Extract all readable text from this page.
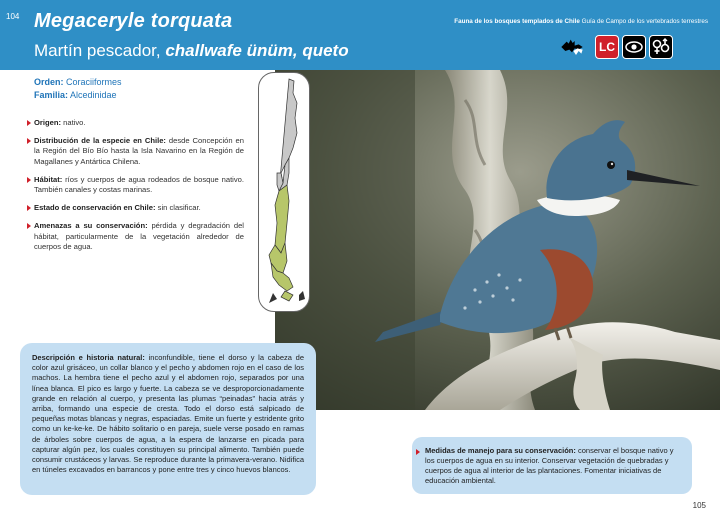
104 Megaceryle torquata
Martín pescador, challwafe ünüm, queto
Fauna de los bosques templados de Chile Guía de Campo de los vertebrados terrestres
LC
Orden: Coraciiformes
Familia: Alcedinidae
Origen: nativo.
Distribución de la especie en Chile: desde Concepción en la Región del Bío Bío hasta la Isla Navarino en la Región de Magallanes y Antártica Chilena.
Hábitat: ríos y cuerpos de agua rodeados de bosque nativo. También canales y costas marinas.
Estado de conservación en Chile: sin clasificar.
Amenazas a su conservación: pérdida y degradación del hábitat, particularmente de la vegetación alrededor de cuerpos de agua.
Descripción e historia natural: inconfundible, tiene el dorso y la cabeza de color azul grisáceo, un collar blanco y el pecho y abdomen rojo en el caso de los machos. La hembra tiene el pecho azul y el abdomen rojo, separados por una línea blanca. El pico es largo y fuerte. La cabeza se ve desproporcionadamente grande en relación al cuerpo, y presenta las plumas “peinadas” hacia atrás y arriba, formando una especie de cresta. Todo el dorso está salpicado de pequeñas motas blancas y negras, espaciadas. Emite un fuerte y estridente grito como un ke-ke-ke. De hábito solitario o en pareja, suele verse posado en ramas de árboles sobre cuerpos de agua, a la espera de lanzarse en picada para capturar algún pez, los cuales constituyen su principal alimento. También puede consumir crustáceos y larvas. Se reproduce durante la primavera-verano. Nidifica en túneles excavados en barrancos y pone entre tres y cinco huevos blancos.
Medidas de manejo para su conservación: conservar el bosque nativo y los cuerpos de agua en su interior. Conservar vegetación de quebradas y cuerpos de agua al interior de las plantaciones. Fomentar iniciativas de educación ambiental.
105
